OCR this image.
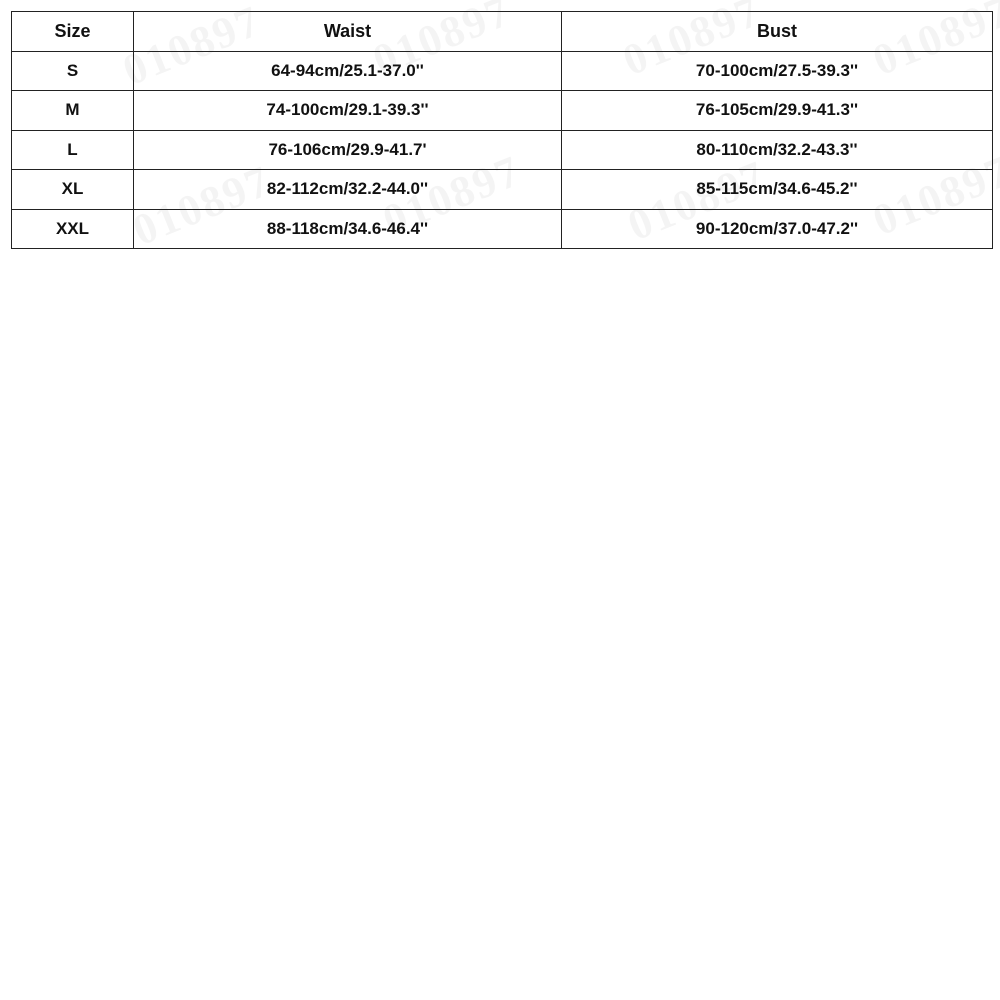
Size	Waist	Bust
S	64-94cm/25.1-37.0''	70-100cm/27.5-39.3''
M	74-100cm/29.1-39.3''	76-105cm/29.9-41.3''
L	76-106cm/29.9-41.7'	80-110cm/32.2-43.3''
XL	82-112cm/32.2-44.0''	85-115cm/34.6-45.2''
XXL	88-118cm/34.6-46.4''	90-120cm/37.0-47.2''
